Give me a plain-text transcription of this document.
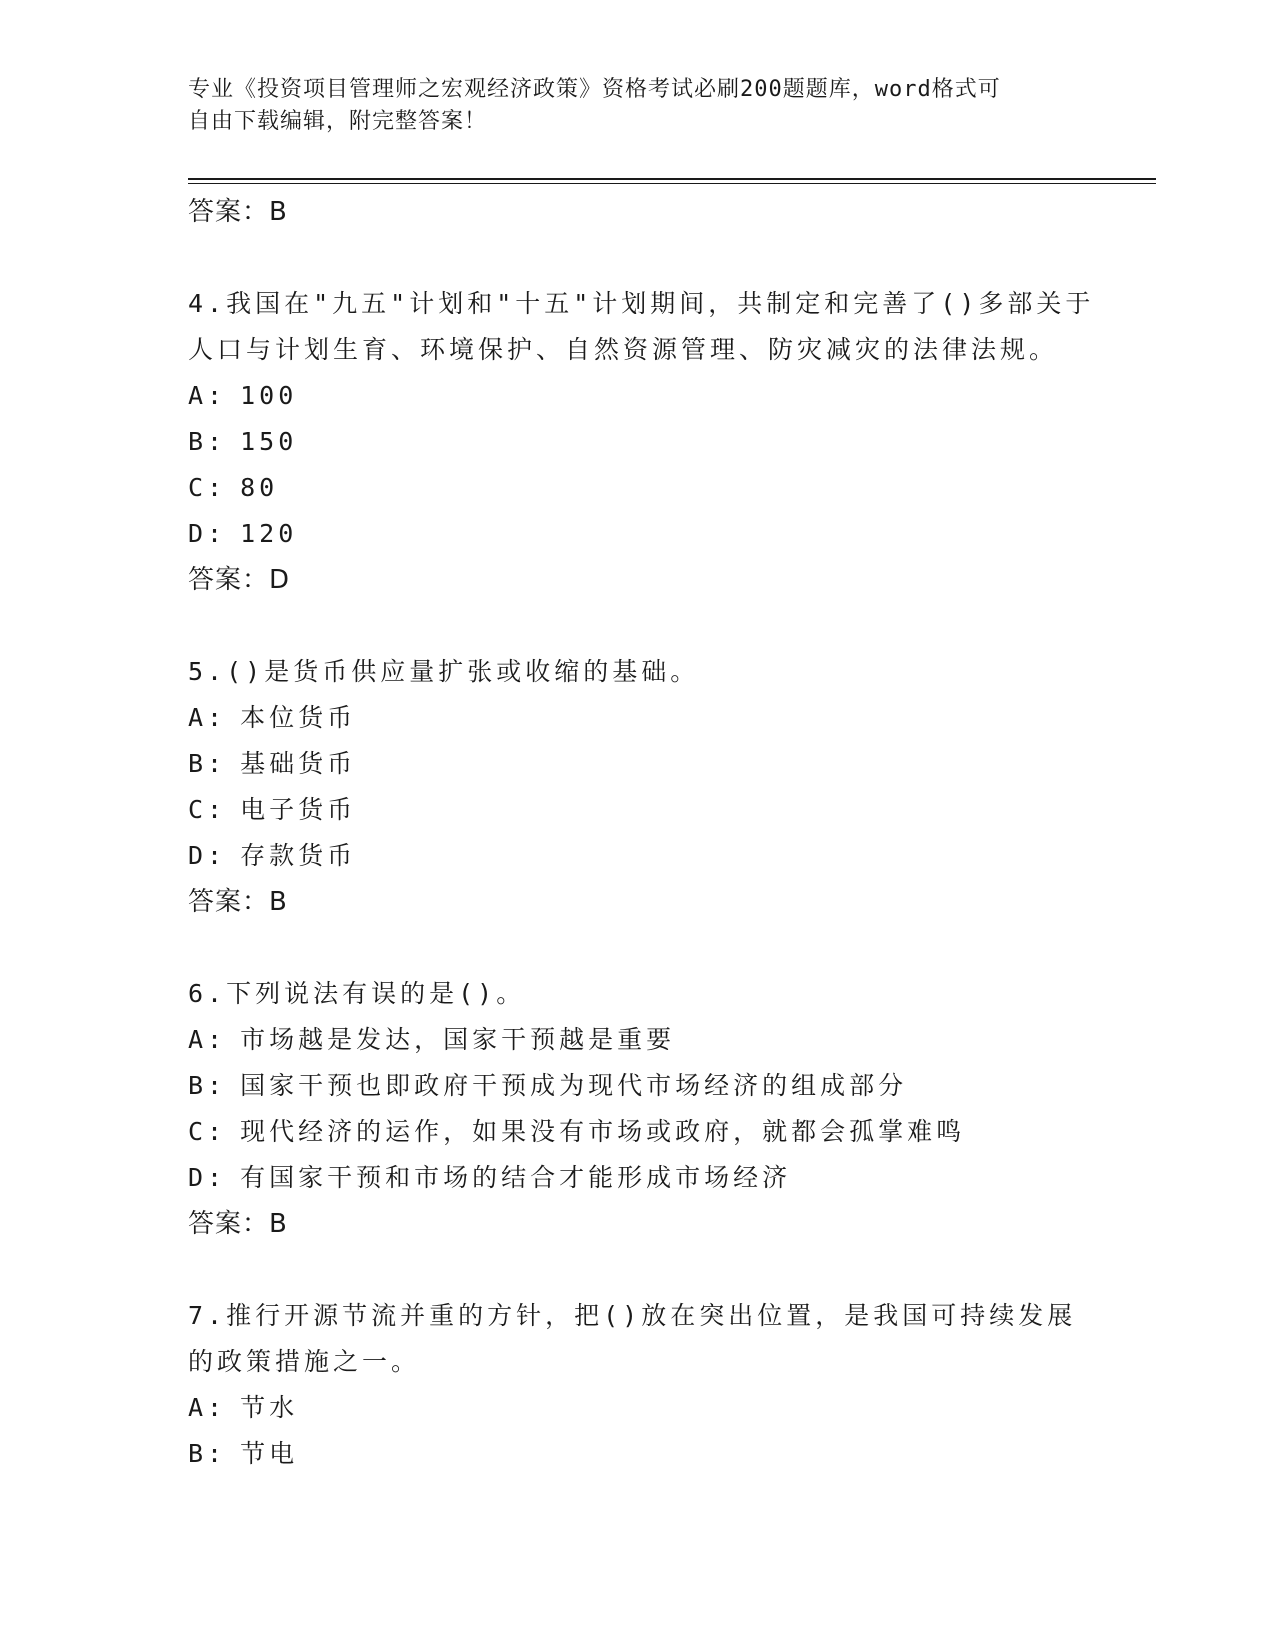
专业《投资项目管理师之宏观经济政策》资格考试必刷200题题库，word格式可
自由下载编辑，附完整答案！
答案：B
4.我国在"九五"计划和"十五"计划期间，共制定和完善了()多部关于
人口与计划生育、环境保护、自然资源管理、防灾减灾的法律法规。
A: 100
B: 150
C: 80
D: 120
答案：D
5.()是货币供应量扩张或收缩的基础。
A: 本位货币
B: 基础货币
C: 电子货币
D: 存款货币
答案：B
6.下列说法有误的是()。
A: 市场越是发达，国家干预越是重要
B: 国家干预也即政府干预成为现代市场经济的组成部分
C: 现代经济的运作，如果没有市场或政府，就都会孤掌难鸣
D: 有国家干预和市场的结合才能形成市场经济
答案：B
7.推行开源节流并重的方针，把()放在突出位置，是我国可持续发展
的政策措施之一。
A: 节水
B: 节电
